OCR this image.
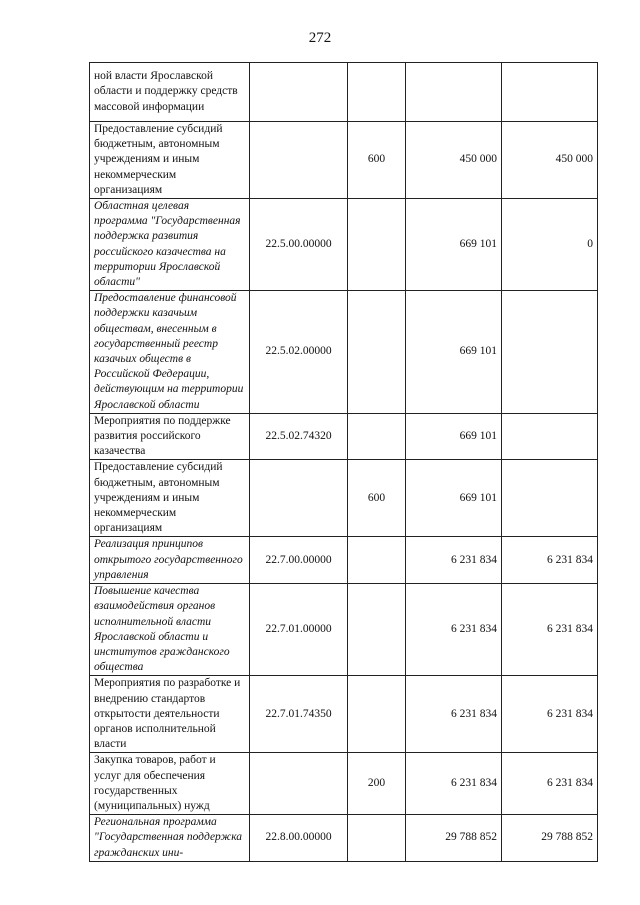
272
ной власти Ярославской области и поддержку средств массовой информации				
Предоставление субсидий бюджетным, автономным учреждениям и иным некоммерческим организациям		600	450 000	450 000
Областная целевая программа "Государственная поддержка развития российского казачества на территории Ярославской области"	22.5.00.00000		669 101	0
Предоставление финансовой поддержки казачьим обществам, внесенным в государственный реестр казачьих обществ в Российской Федерации, действующим на территории Ярославской области	22.5.02.00000		669 101	
Мероприятия по поддержке развития российского казачества	22.5.02.74320		669 101	
Предоставление субсидий бюджетным, автономным учреждениям и иным некоммерческим организациям		600	669 101	
Реализация принципов открытого государственного управления	22.7.00.00000		6 231 834	6 231 834
Повышение качества взаимодействия органов исполнительной власти Ярославской области и институтов гражданского общества	22.7.01.00000		6 231 834	6 231 834
Мероприятия по разработке и внедрению стандартов открытости деятельности органов исполнительной власти	22.7.01.74350		6 231 834	6 231 834
Закупка товаров, работ и услуг для обеспечения государственных (муниципальных) нужд		200	6 231 834	6 231 834
Региональная программа "Государственная поддержка гражданских ини-	22.8.00.00000		29 788 852	29 788 852
